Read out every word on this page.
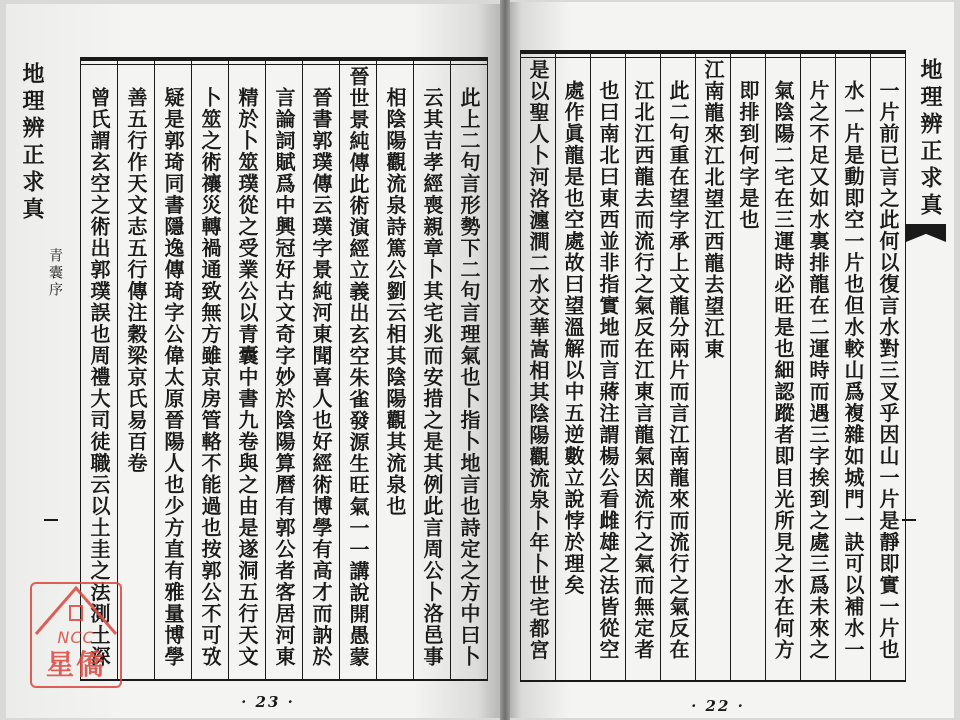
地理辨正求真
青囊序	此上二句言形勢下二句言理氣也卜指卜地言也詩定之方中曰卜
云其吉孝經喪親章卜其宅兆而安措之是其例此言周公卜洛邑事
相陰陽觀流泉詩篤公劉云相其陰陽觀其流泉也
晉世景純傳此術演經立義出玄空朱雀發源生旺氣一一講說開愚蒙
晉書郭璞傳云璞字景純河東聞喜人也好經術博學有高才而訥於
言論詞賦爲中興冠好古文奇字妙於陰陽算曆有郭公者客居河東
精於卜筮璞從之受業公以青囊中書九卷與之由是遂洞五行天文
卜筮之術禳災轉禍通致無方雖京房管輅不能過也按郭公不可攷
疑是郭琦同書隱逸傳琦字公偉太原晉陽人也少方直有雅量博學
善五行作天文志五行傳注穀梁京氏易百卷
曾氏謂玄空之術出郭璞誤也周禮大司徒職云以土圭之法測土深
· 23 ·
NCC
星僑
地理辨正求真
一片前已言之此何以復言水對三叉乎因山一片是靜即實一片也
水一片是動即空一片也但水較山爲複雜如城門一訣可以補水一
片之不足又如水裏排龍在二運時而遇三字挨到之處三爲未來之
氣陰陽二宅在三運時必旺是也細認蹤者即目光所見之水在何方
即排到何字是也
江南龍來江北望江西龍去望江東
此二句重在望字承上文龍分兩片而言江南龍來而流行之氣反在
江北江西龍去而流行之氣反在江東言龍氣因流行之氣而無定者
也曰南北曰東西並非指實地而言蔣注謂楊公看雌雄之法皆從空
處作眞龍是也空處故曰望溫解以中五逆數立說悖於理矣
是以聖人卜河洛瀍澗二水交華嵩相其陰陽觀流泉卜年卜世宅都宮
· 22 ·
